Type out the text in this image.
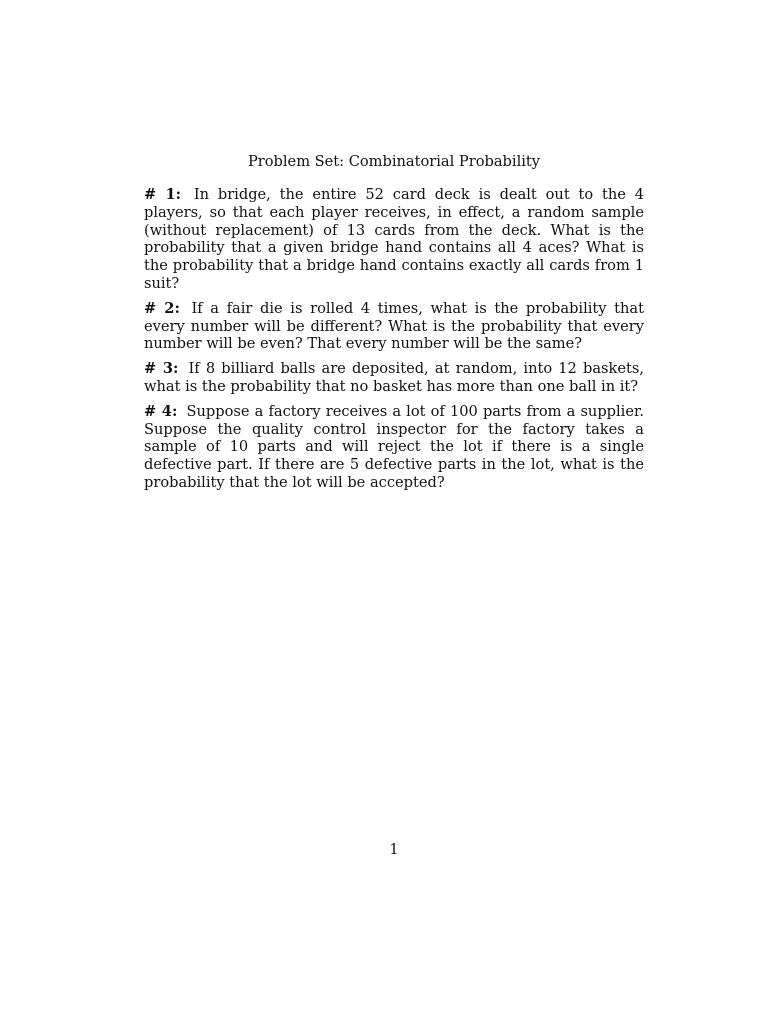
Problem Set: Combinatorial Probability

# 1: In bridge, the entire 52 card deck is dealt out to the 4 players, so that each player receives, in effect, a random sample (without replacement) of 13 cards from the deck. What is the probability that a given bridge hand contains all 4 aces? What is the probability that a bridge hand contains exactly all cards from 1 suit?

# 2: If a fair die is rolled 4 times, what is the probability that every number will be different? What is the probability that every number will be even? That every number will be the same?

# 3: If 8 billiard balls are deposited, at random, into 12 baskets, what is the probability that no basket has more than one ball in it?

# 4: Suppose a factory receives a lot of 100 parts from a supplier. Suppose the quality control inspector for the factory takes a sample of 10 parts and will reject the lot if there is a single defective part. If there are 5 defective parts in the lot, what is the probability that the lot will be accepted?

1
